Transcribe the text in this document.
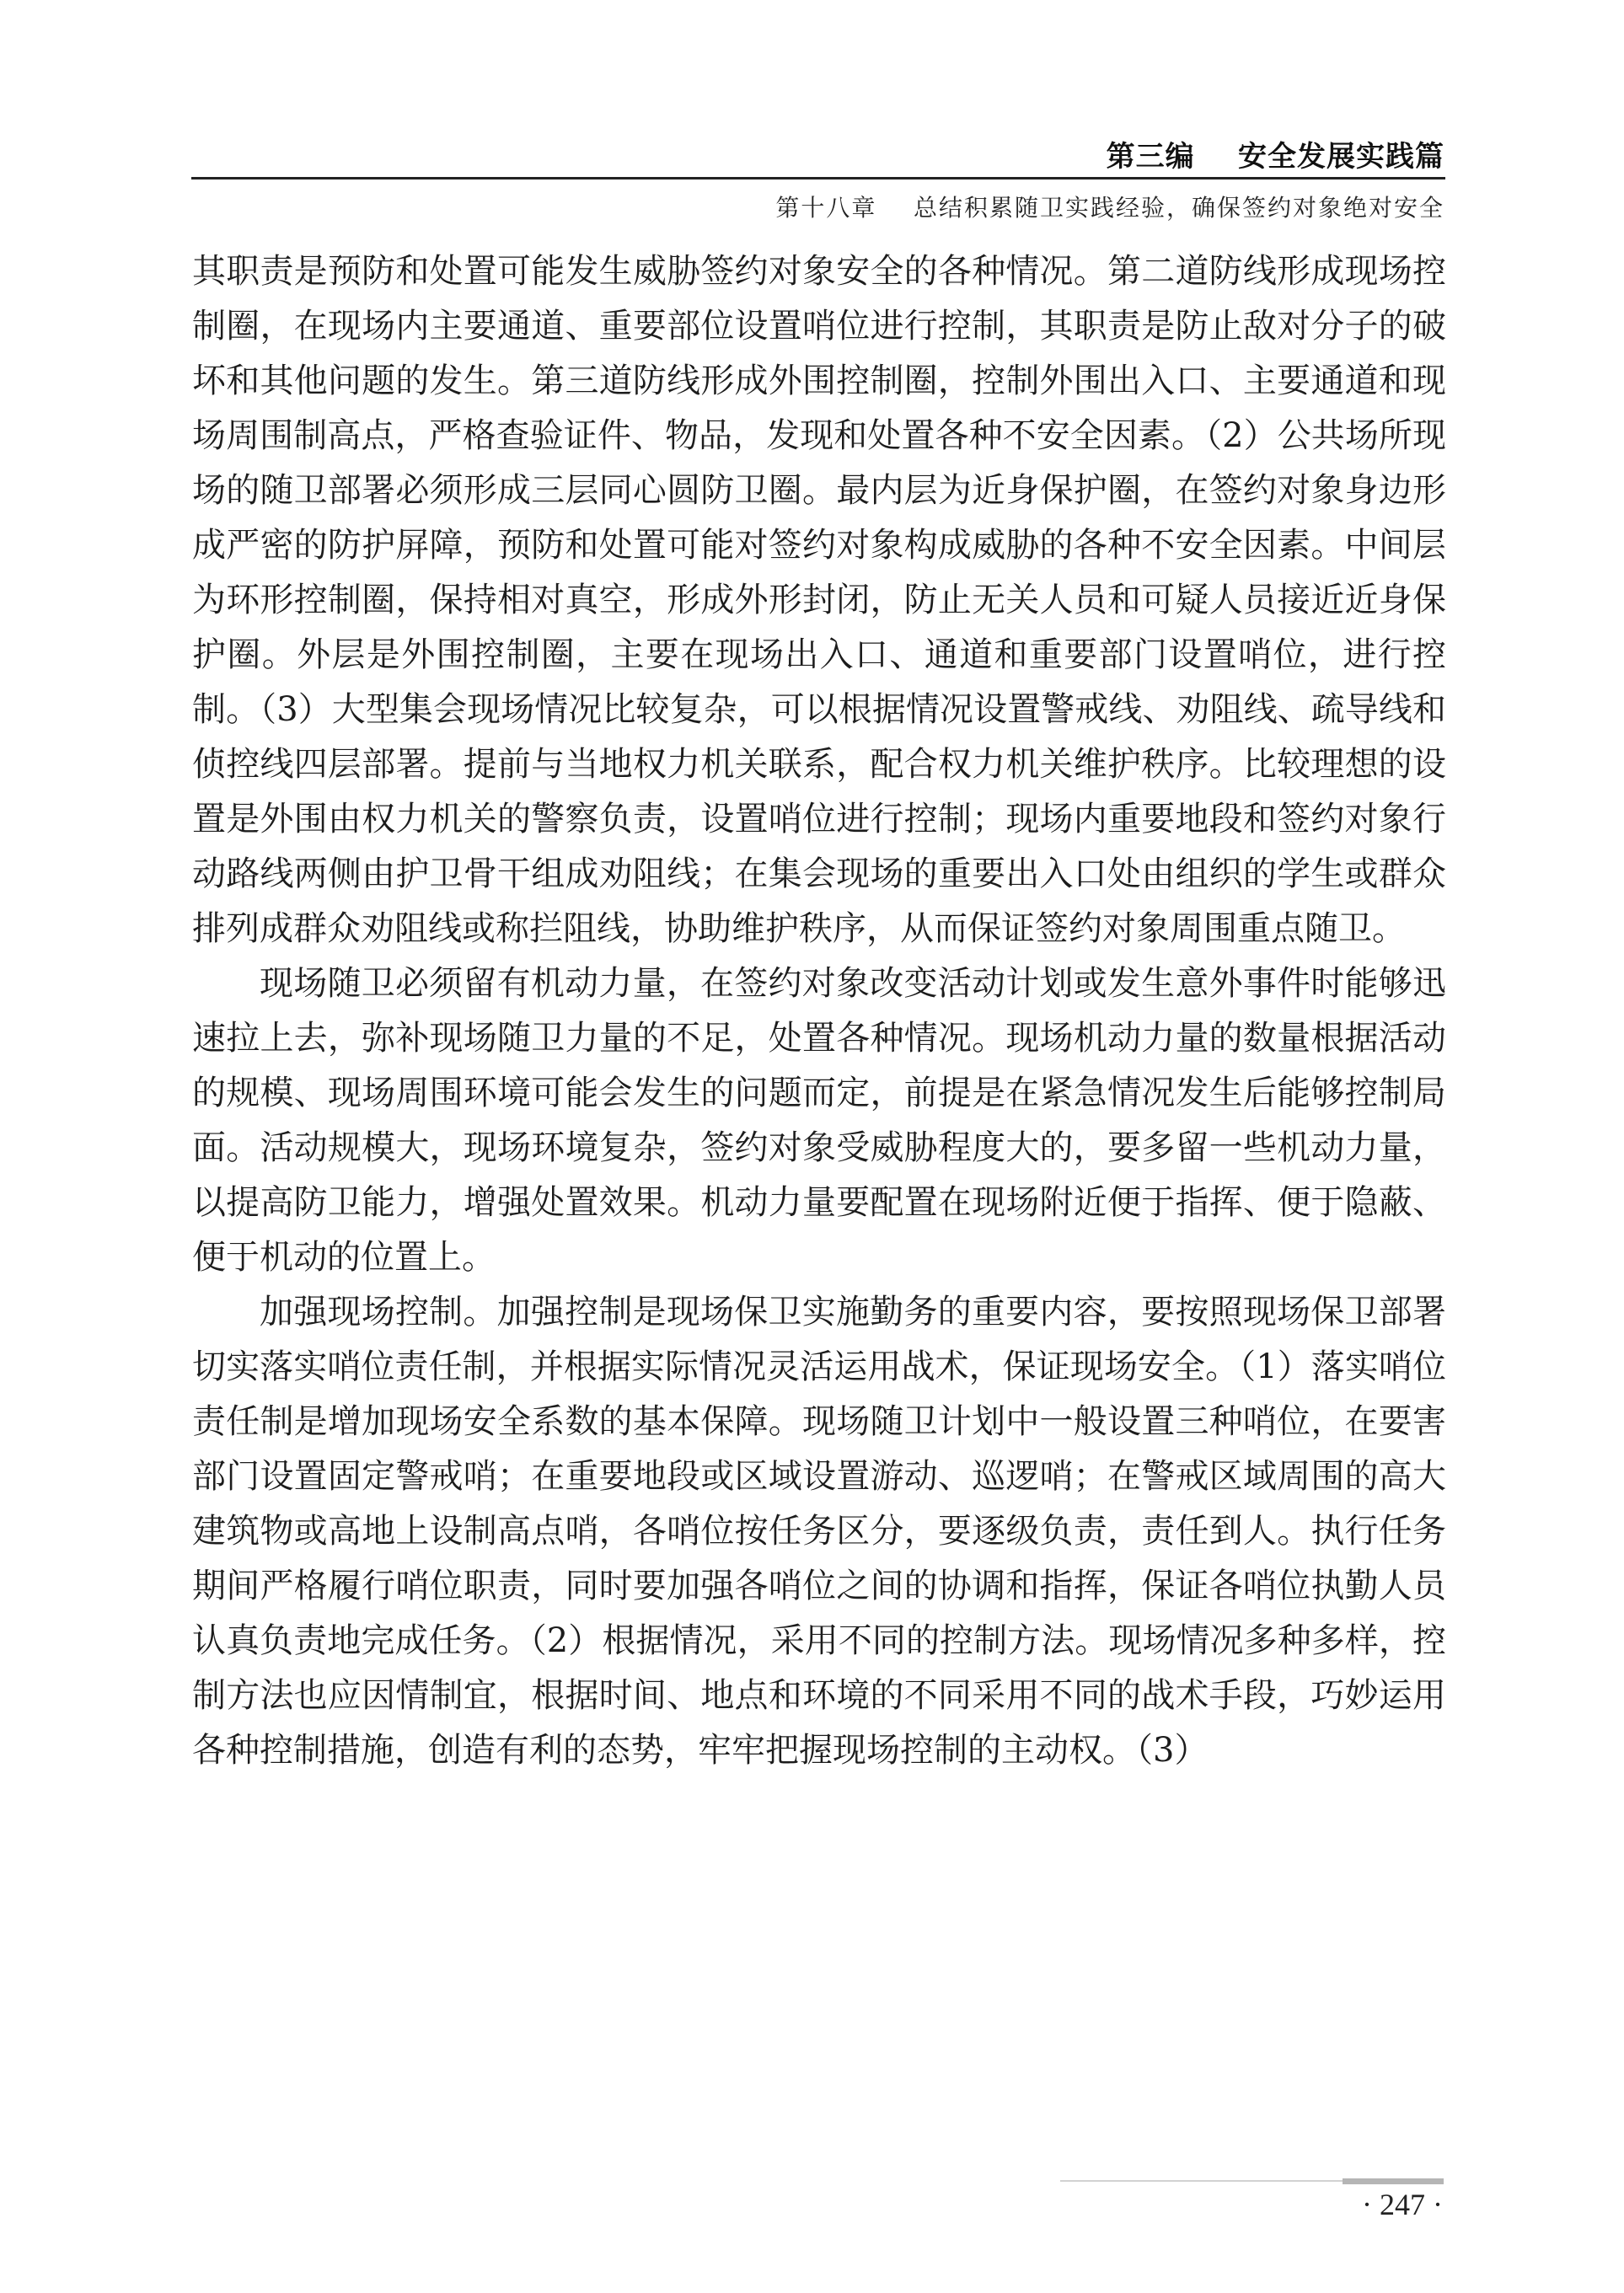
第三编    安全发展实践篇
第十八章    总结积累随卫实践经验，确保签约对象绝对安全

其职责是预防和处置可能发生威胁签约对象安全的各种情况。第二道防线形成现场控制圈，在现场内主要通道、重要部位设置哨位进行控制，其职责是防止敌对分子的破坏和其他问题的发生。第三道防线形成外围控制圈，控制外围出入口、主要通道和现场周围制高点，严格查验证件、物品，发现和处置各种不安全因素。（2）公共场所现场的随卫部署必须形成三层同心圆防卫圈。最内层为近身保护圈，在签约对象身边形成严密的防护屏障，预防和处置可能对签约对象构成威胁的各种不安全因素。中间层为环形控制圈，保持相对真空，形成外形封闭，防止无关人员和可疑人员接近近身保护圈。外层是外围控制圈，主要在现场出入口、通道和重要部门设置哨位，进行控制。（3）大型集会现场情况比较复杂，可以根据情况设置警戒线、劝阻线、疏导线和侦控线四层部署。提前与当地权力机关联系，配合权力机关维护秩序。比较理想的设置是外围由权力机关的警察负责，设置哨位进行控制；现场内重要地段和签约对象行动路线两侧由护卫骨干组成劝阻线；在集会现场的重要出入口处由组织的学生或群众排列成群众劝阻线或称拦阻线，协助维护秩序，从而保证签约对象周围重点随卫。

现场随卫必须留有机动力量，在签约对象改变活动计划或发生意外事件时能够迅速拉上去，弥补现场随卫力量的不足，处置各种情况。现场机动力量的数量根据活动的规模、现场周围环境可能会发生的问题而定，前提是在紧急情况发生后能够控制局面。活动规模大，现场环境复杂，签约对象受威胁程度大的，要多留一些机动力量，以提高防卫能力，增强处置效果。机动力量要配置在现场附近便于指挥、便于隐蔽、便于机动的位置上。

加强现场控制。加强控制是现场保卫实施勤务的重要内容，要按照现场保卫部署切实落实哨位责任制，并根据实际情况灵活运用战术，保证现场安全。（1）落实哨位责任制是增加现场安全系数的基本保障。现场随卫计划中一般设置三种哨位，在要害部门设置固定警戒哨；在重要地段或区域设置游动、巡逻哨；在警戒区域周围的高大建筑物或高地上设制高点哨，各哨位按任务区分，要逐级负责，责任到人。执行任务期间严格履行哨位职责，同时要加强各哨位之间的协调和指挥，保证各哨位执勤人员认真负责地完成任务。（2）根据情况，采用不同的控制方法。现场情况多种多样，控制方法也应因情制宜，根据时间、地点和环境的不同采用不同的战术手段，巧妙运用各种控制措施，创造有利的态势，牢牢把握现场控制的主动权。（3）

· 247 ·
